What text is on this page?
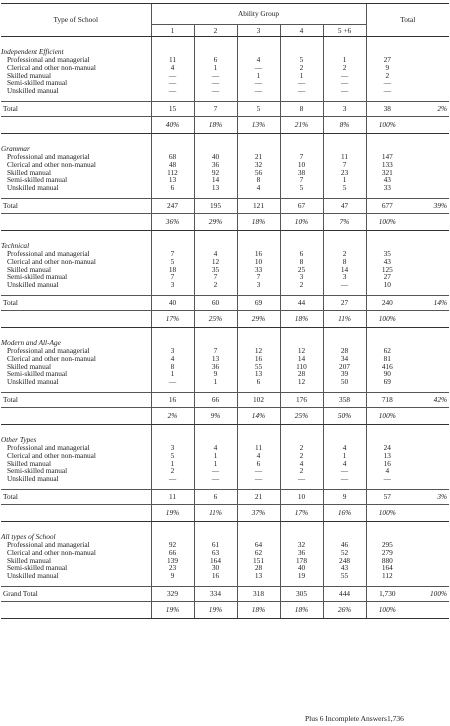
Type of School	Ability Group					Total	
	1	2	3	4	5 +6		

Independent Efficient							
Professional and managerial	11	6	4	5	1	27	
Clerical and other non-manual	4	1	—	2	2	9	
Skilled manual	—	—	1	1	—	2	
Semi-skilled manual	—	—	—	—	—	—	
Unskilled manual	—	—	—	—	—	—	

Total	15	7	5	8	3	38	2%
	40%	18%	13%	21%	8%	100%	

Grammar							
Professional and managerial	68	40	21	7	11	147	
Clerical and other non-manual	48	36	32	10	7	133	
Skilled manual	112	92	56	38	23	321	
Semi-skilled manual	13	14	8	7	1	43	
Unskilled manual	6	13	4	5	5	33	

Total	247	195	121	67	47	677	39%
	36%	29%	18%	10%	7%	100%	

Technical							
Professional and managerial	7	4	16	6	2	35	
Clerical and other non-manual	5	12	10	8	8	43	
Skilled manual	18	35	33	25	14	125	
Semi-skilled manual	7	7	7	3	3	27	
Unskilled manual	3	2	3	2	—	10	

Total	40	60	69	44	27	240	14%
	17%	25%	29%	18%	11%	100%	

Modern and All-Age							
Professional and managerial	3	7	12	12	28	62	
Clerical and other non-manual	4	13	16	14	34	81	
Skilled manual	8	36	55	110	207	416	
Semi-skilled manual	1	9	13	28	39	90	
Unskilled manual	—	1	6	12	50	69	

Total	16	66	102	176	358	718	42%
	2%	9%	14%	25%	50%	100%	

Other Types							
Professional and managerial	3	4	11	2	4	24	
Clerical and other non-manual	5	1	4	2	1	13	
Skilled manual	1	1	6	4	4	16	
Semi-skilled manual	2	—	—	2	—	4	
Unskilled manual	—	—	—	—	—	—	

Total	11	6	21	10	9	57	3%
	19%	11%	37%	17%	16%	100%	

All types of School							
Professional and managerial	92	61	64	32	46	295	
Clerical and other non-manual	66	63	62	36	52	279	
Skilled manual	139	164	151	178	248	880	
Semi-skilled manual	23	30	28	40	43	164	
Unskilled manual	9	16	13	19	55	112	

Grand Total	329	334	318	305	444	1,730	100%
	19%	19%	18%	18%	26%	100%	
Plus 6 Incomplete Answers 1,736
